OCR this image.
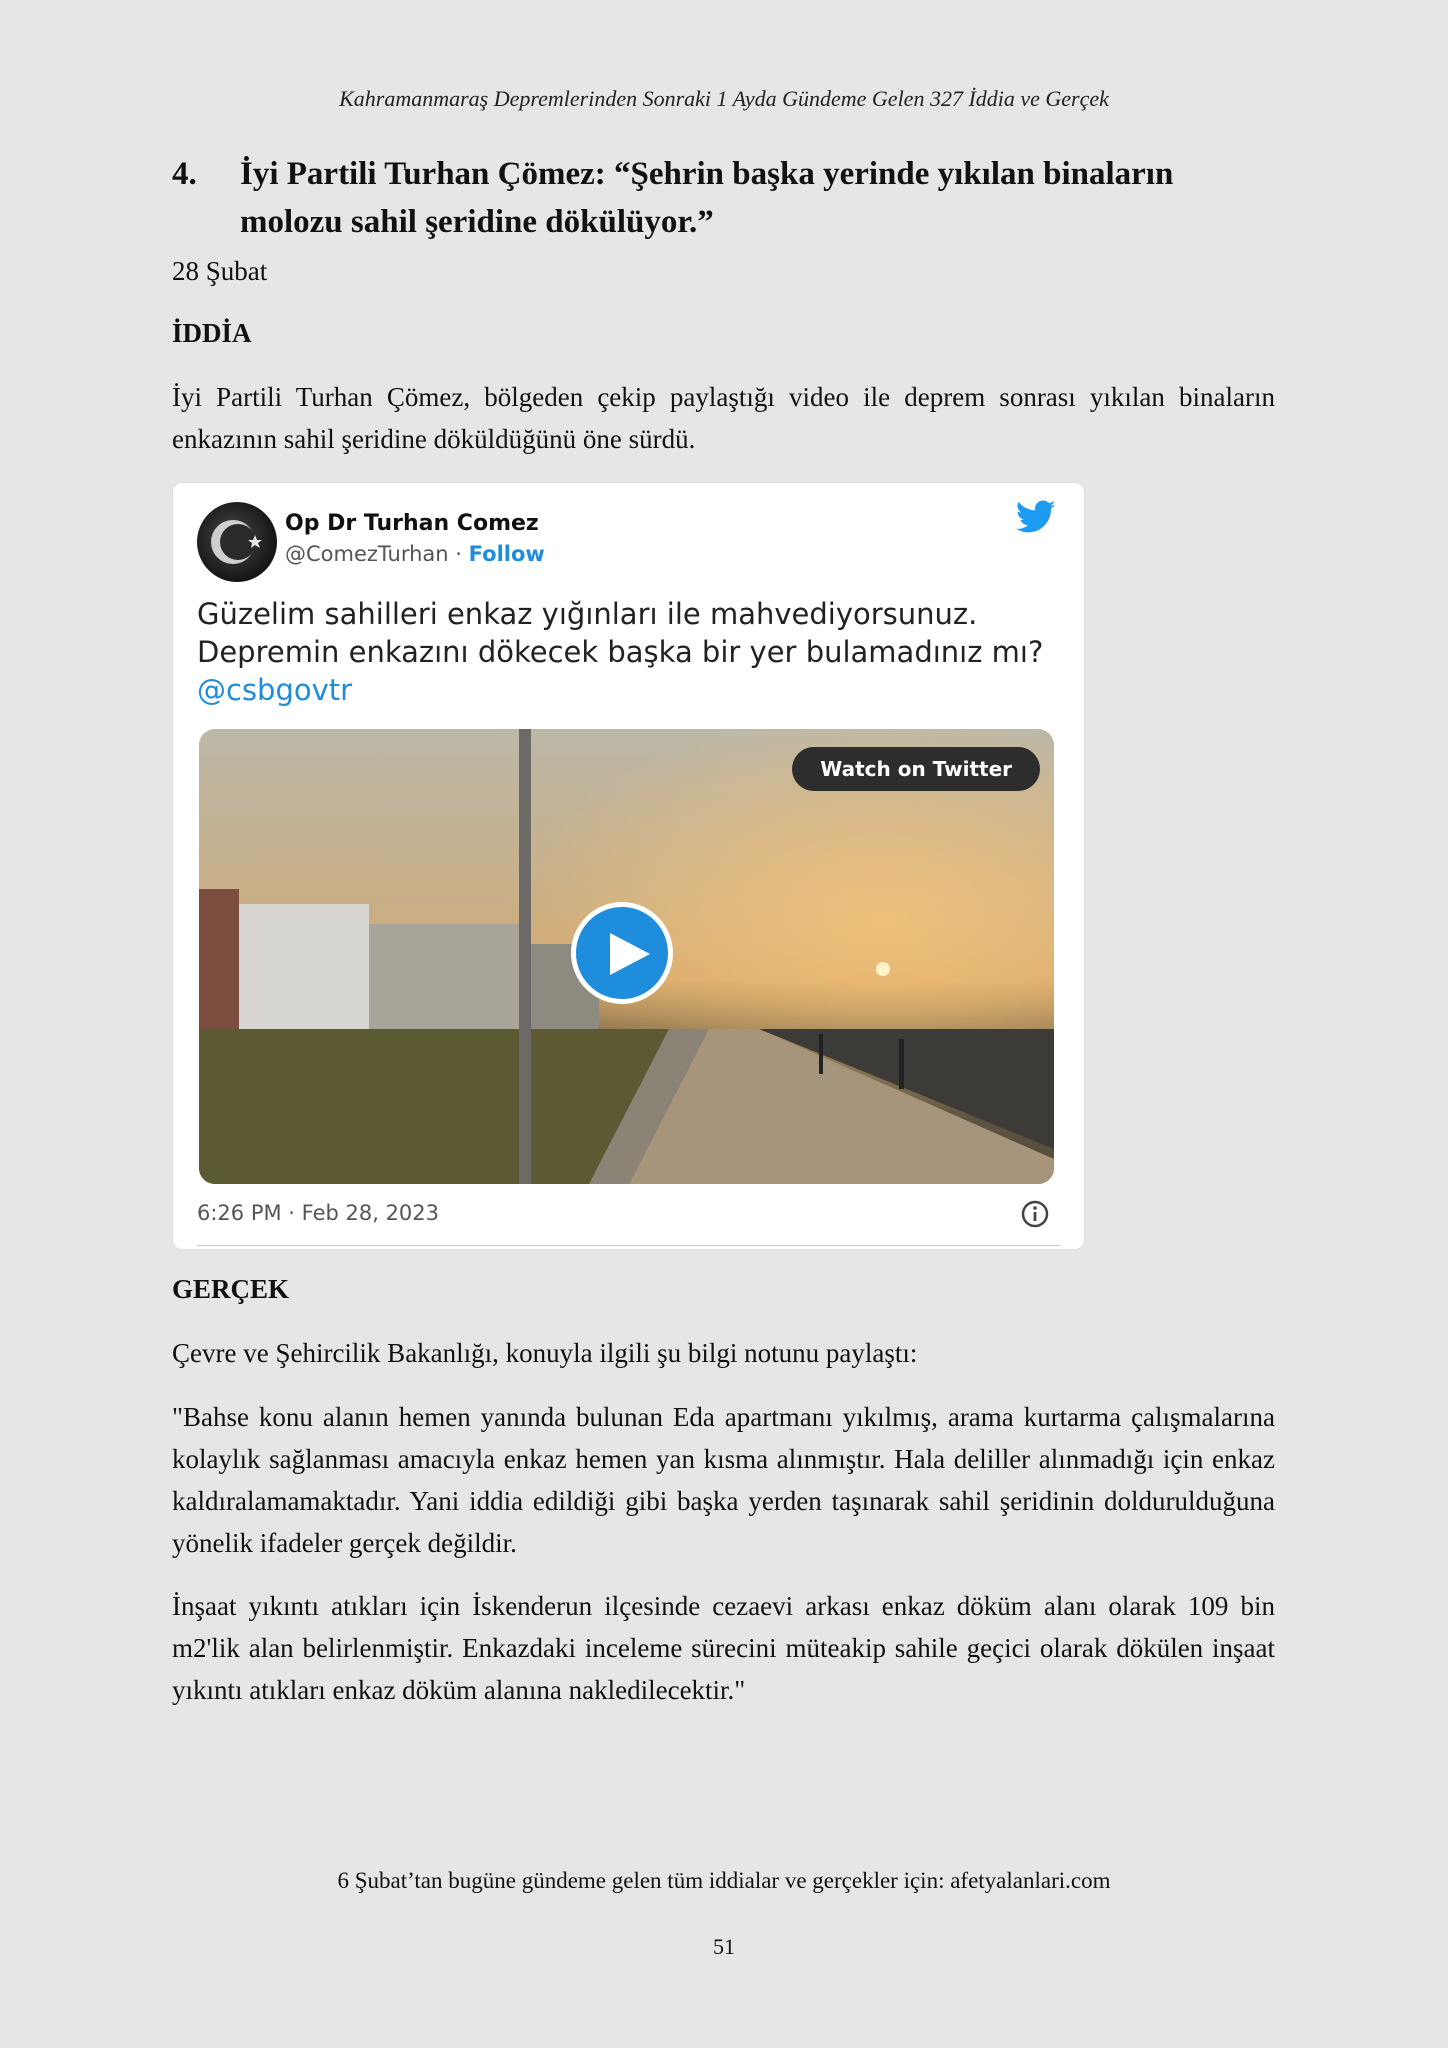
Kahramanmaraş Depremlerinden Sonraki 1 Ayda Gündeme Gelen 327 İddia ve Gerçek
4.	İyi Partili Turhan Çömez: “Şehrin başka yerinde yıkılan binaların molozu sahil şeridine dökülüyor.”
28 Şubat
İDDİA
İyi Partili Turhan Çömez, bölgeden çekip paylaştığı video ile deprem sonrası yıkılan binaların enkazının sahil şeridine döküldüğünü öne sürdü.
Op Dr Turhan Comez
@ComezTurhan · Follow
Güzelim sahilleri enkaz yığınları ile mahvediyorsunuz.
Depremin enkazını dökecek başka bir yer bulamadınız mı?
@csbgovtr
Watch on Twitter
6:26 PM · Feb 28, 2023
GERÇEK
Çevre ve Şehircilik Bakanlığı, konuyla ilgili şu bilgi notunu paylaştı:
"Bahse konu alanın hemen yanında bulunan Eda apartmanı yıkılmış, arama kurtarma çalışmalarına kolaylık sağlanması amacıyla enkaz hemen yan kısma alınmıştır. Hala deliller alınmadığı için enkaz kaldıralamamaktadır. Yani iddia edildiği gibi başka yerden taşınarak sahil şeridinin doldurulduğuna yönelik ifadeler gerçek değildir.
İnşaat yıkıntı atıkları için İskenderun ilçesinde cezaevi arkası enkaz döküm alanı olarak 109 bin m2'lik alan belirlenmiştir. Enkazdaki inceleme sürecini müteakip sahile geçici olarak dökülen inşaat yıkıntı atıkları enkaz döküm alanına nakledilecektir."
6 Şubat’tan bugüne gündeme gelen tüm iddialar ve gerçekler için: afetyalanlari.com
51
